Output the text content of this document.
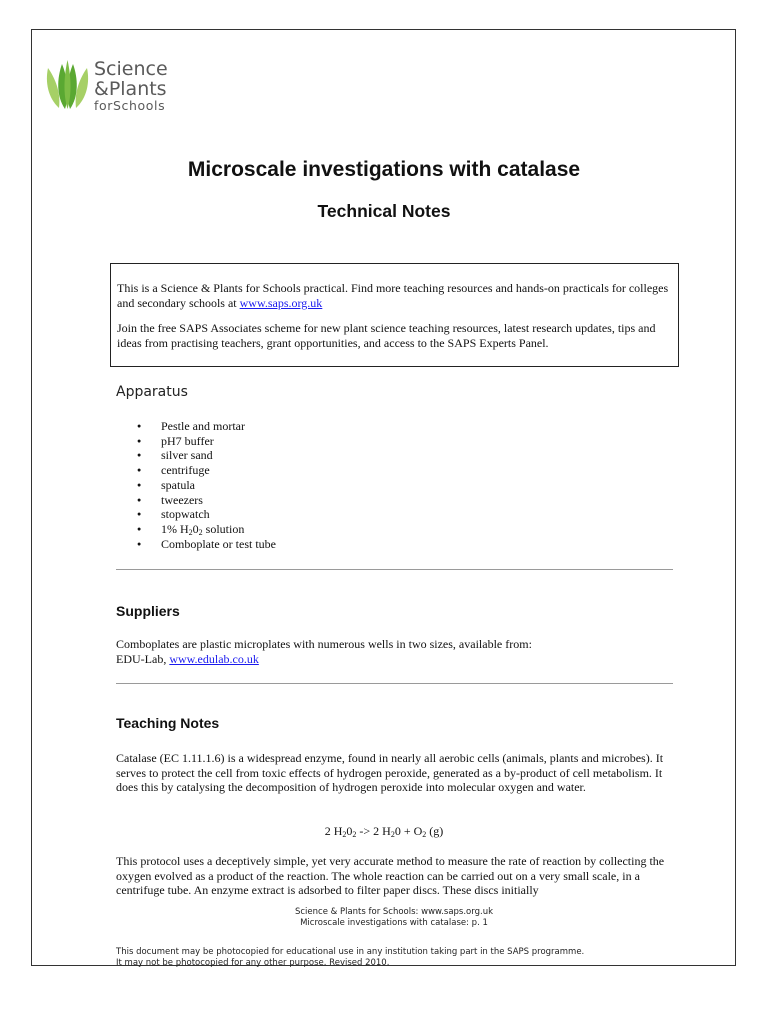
Science
&Plants
forSchools
Microscale investigations with catalase
Technical Notes

This is a Science & Plants for Schools practical. Find more teaching resources and hands-on practicals for colleges and secondary schools at www.saps.org.uk

Join the free SAPS Associates scheme for new plant science teaching resources, latest research updates, tips and ideas from practising teachers, grant opportunities, and access to the SAPS Experts Panel.

Apparatus
● Pestle and mortar
● pH7 buffer
● silver sand
● centrifuge
● spatula
● tweezers
● stopwatch
● 1% $H_20_2$ solution
● Comboplate or test tube
Suppliers
Comboplates are plastic microplates with numerous wells in two sizes, available from:
EDU-Lab, www.edulab.co.uk
Teaching Notes
Catalase (EC 1.11.1.6) is a widespread enzyme, found in nearly all aerobic cells (animals, plants and microbes). It serves to protect the cell from toxic effects of hydrogen peroxide, generated as a by-product of cell metabolism. It does this by catalysing the decomposition of hydrogen peroxide into molecular oxygen and water.
2 $H_20_2 -> 2$ $H_20 + O_2$ (g)
This protocol uses a deceptively simple, yet very accurate method to measure the rate of reaction by collecting the oxygen evolved as a product of the reaction. The whole reaction can be carried out on a very small scale, in a centrifuge tube. An enzyme extract is adsorbed to filter paper discs. These discs initially
Science & Plants for Schools: www.saps.org.uk
Microscale investigations with catalase: p. 1
This document may be photocopied for educational use in any institution taking part in the SAPS programme.
It may not be photocopied for any other purpose. Revised 2010.
